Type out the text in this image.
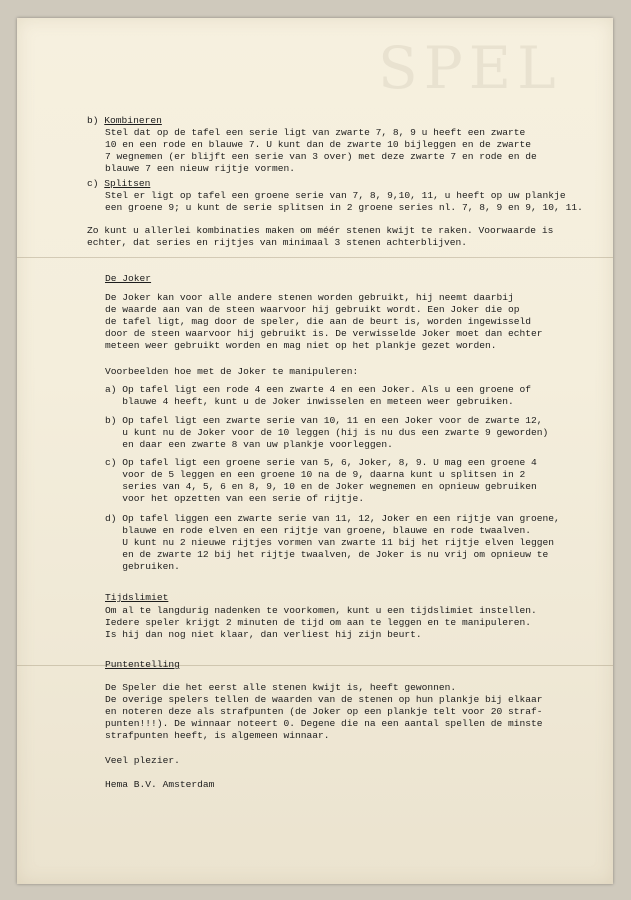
SPEL

b) Kombineren

Stel dat op de tafel een serie ligt van zwarte 7, 8, 9 u heeft een zwarte
10 en een rode en blauwe 7. U kunt dan de zwarte 10 bijleggen en de zwarte
7 wegnemen (er blijft een serie van 3 over) met deze zwarte 7 en rode en de
blauwe 7 een nieuw rijtje vormen.

c) Splitsen

Stel er ligt op tafel een groene serie van 7, 8, 9,10, 11, u heeft op uw plankje
een groene 9; u kunt de serie splitsen in 2 groene series nl. 7, 8, 9 en 9, 10, 11.

Zo kunt u allerlei kombinaties maken om méér stenen kwijt te raken. Voorwaarde is
echter, dat series en rijtjes van minimaal 3 stenen achterblijven.

De Joker

De Joker kan voor alle andere stenen worden gebruikt, hij neemt daarbij
de waarde aan van de steen waarvoor hij gebruikt wordt. Een Joker die op
de tafel ligt, mag door de speler, die aan de beurt is, worden ingewisseld
door de steen waarvoor hij gebruikt is. De verwisselde Joker moet dan echter
meteen weer gebruikt worden en mag niet op het plankje gezet worden.

Voorbeelden hoe met de Joker te manipuleren:

a) Op tafel ligt een rode 4 een zwarte 4 en een Joker. Als u een groene of
blauwe 4 heeft, kunt u de Joker inwisselen en meteen weer gebruiken.

b) Op tafel ligt een zwarte serie van 10, 11 en een Joker voor de zwarte 12,
u kunt nu de Joker voor de 10 leggen (hij is nu dus een zwarte 9 geworden)
en daar een zwarte 8 van uw plankje voorleggen.

c) Op tafel ligt een groene serie van 5, 6, Joker, 8, 9. U mag een groene 4
voor de 5 leggen en een groene 10 na de 9, daarna kunt u splitsen in 2
series van 4, 5, 6 en 8, 9, 10 en de Joker wegnemen en opnieuw gebruiken
voor het opzetten van een serie of rijtje.

d) Op tafel liggen een zwarte serie van 11, 12, Joker en een rijtje van groene,
blauwe en rode elven en een rijtje van groene, blauwe en rode twaalven.
U kunt nu 2 nieuwe rijtjes vormen van zwarte 11 bij het rijtje elven leggen
en de zwarte 12 bij het rijtje twaalven, de Joker is nu vrij om opnieuw te
gebruiken.

Tijdslimiet

Om al te langdurig nadenken te voorkomen, kunt u een tijdslimiet instellen.
Iedere speler krijgt 2 minuten de tijd om aan te leggen en te manipuleren.
Is hij dan nog niet klaar, dan verliest hij zijn beurt.

Puntentelling

De Speler die het eerst alle stenen kwijt is, heeft gewonnen.
De overige spelers tellen de waarden van de stenen op hun plankje bij elkaar
en noteren deze als strafpunten (de Joker op een plankje telt voor 20 straf-
punten!!!). De winnaar noteert 0. Degene die na een aantal spellen de minste
strafpunten heeft, is algemeen winnaar.

Veel plezier.

Hema B.V. Amsterdam
